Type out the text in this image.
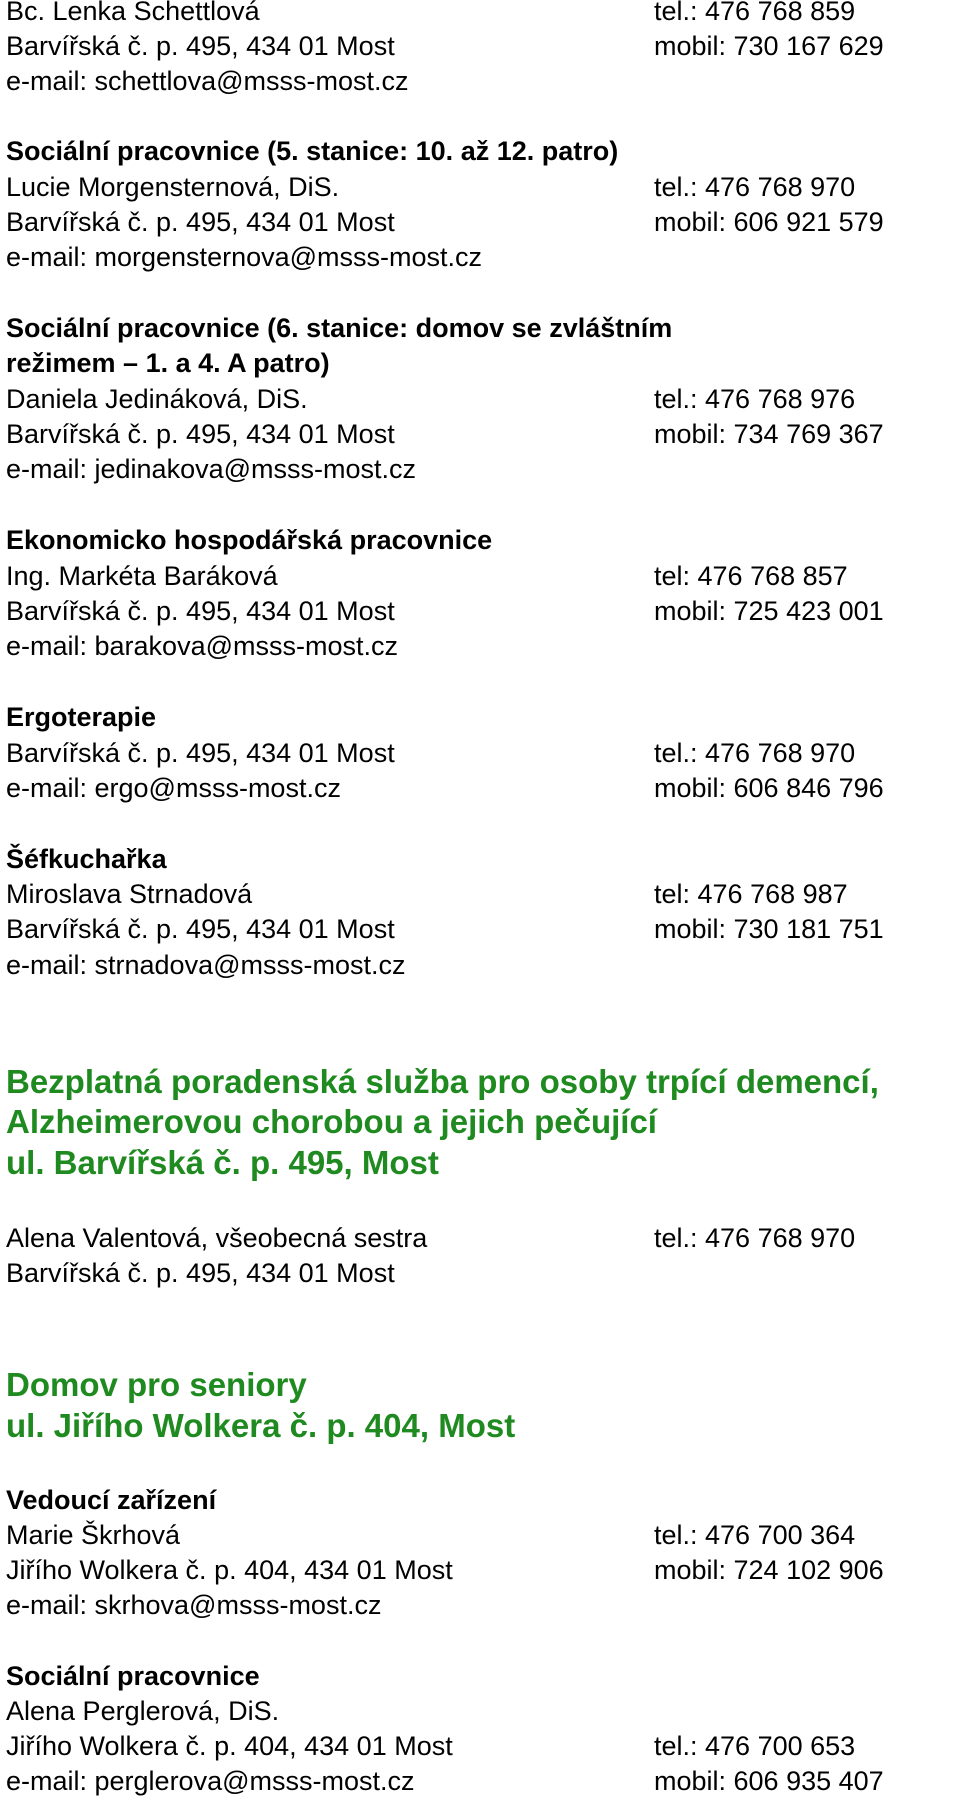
Bc. Lenka Schettlová	tel.: 476 768 859
Barvířská č. p. 495, 434 01 Most	mobil: 730 167 629
e-mail: schettlova@msss-most.cz
Sociální pracovnice (5. stanice: 10. až 12. patro)
Lucie Morgensternová, DiS.	tel.: 476 768 970
Barvířská č. p. 495, 434 01 Most	mobil: 606 921 579
e-mail: morgensternova@msss-most.cz
Sociální pracovnice (6. stanice: domov se zvláštním
režimem – 1. a 4. A patro)
Daniela Jedináková, DiS.	tel.: 476 768 976
Barvířská č. p. 495, 434 01 Most	mobil: 734 769 367
e-mail: jedinakova@msss-most.cz
Ekonomicko hospodářská pracovnice
Ing. Markéta Baráková	tel: 476 768 857
Barvířská č. p. 495, 434 01 Most	mobil: 725 423 001
e-mail: barakova@msss-most.cz
Ergoterapie
Barvířská č. p. 495, 434 01 Most	tel.: 476 768 970
e-mail: ergo@msss-most.cz	mobil: 606 846 796
Šéfkuchařka
Miroslava Strnadová	tel: 476 768 987
Barvířská č. p. 495, 434 01 Most	mobil: 730 181 751
e-mail: strnadova@msss-most.cz
Bezplatná poradenská služba pro osoby trpící demencí,
Alzheimerovou chorobou a jejich pečující
ul. Barvířská č. p. 495, Most
Alena Valentová, všeobecná sestra	tel.: 476 768 970
Barvířská č. p. 495, 434 01 Most
Domov pro seniory
ul. Jiřího Wolkera č. p. 404, Most
Vedoucí zařízení
Marie Škrhová	tel.: 476 700 364
Jiřího Wolkera č. p. 404, 434 01 Most	mobil: 724 102 906
e-mail: skrhova@msss-most.cz
Sociální pracovnice
Alena Perglerová, DiS.
Jiřího Wolkera č. p. 404, 434 01 Most	tel.: 476 700 653
e-mail: perglerova@msss-most.cz	mobil: 606 935 407
